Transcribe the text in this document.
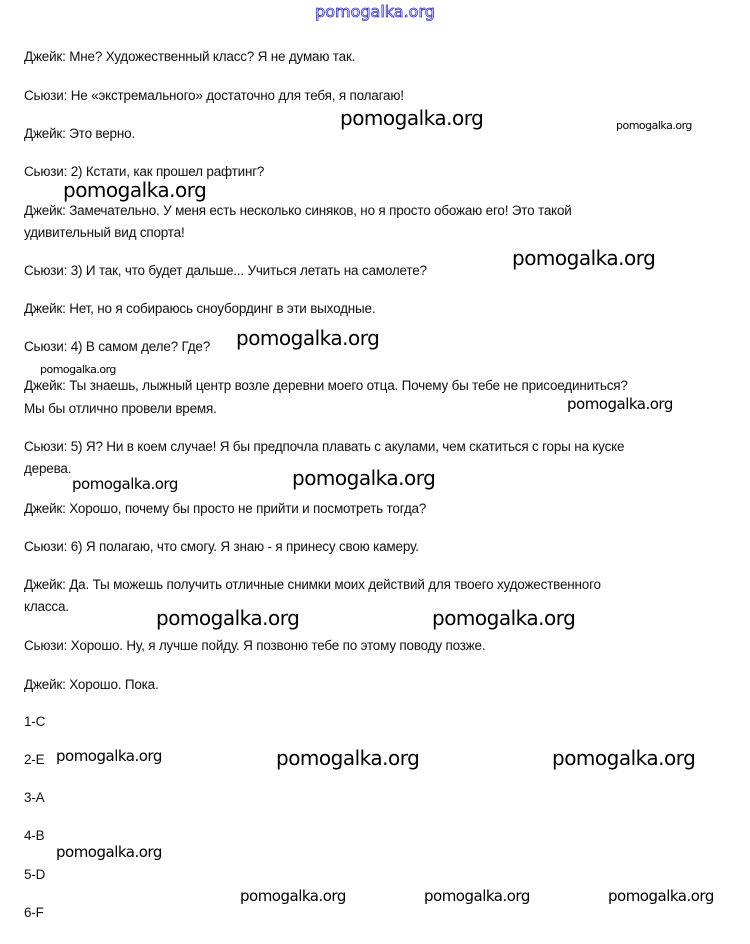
pomogalka.org
Джейк: Мне? Художественный класс? Я не думаю так.
Сьюзи: Не «экстремального» достаточно для тебя, я полагаю!
Джейк: Это верно.
Сьюзи: 2) Кстати, как прошел рафтинг?
Джейк: Замечательно. У меня есть несколько синяков, но я просто обожаю его! Это такой
удивительный вид спорта!
Сьюзи: 3) И так, что будет дальше... Учиться летать на самолете?
Джейк: Нет, но я собираюсь сноубординг в эти выходные.
Сьюзи: 4) В самом деле? Где?
Джейк: Ты знаешь, лыжный центр возле деревни моего отца. Почему бы тебе не присоединиться?
Мы бы отлично провели время.
Сьюзи: 5) Я? Ни в коем случае! Я бы предпочла плавать с акулами, чем скатиться с горы на куске
дерева.
Джейк: Хорошо, почему бы просто не прийти и посмотреть тогда?
Сьюзи: 6) Я полагаю, что смогу. Я знаю - я принесу свою камеру.
Джейк: Да. Ты можешь получить отличные снимки моих действий для твоего художественного
класса.
Сьюзи: Хорошо. Ну, я лучше пойду. Я позвоню тебе по этому поводу позже.
Джейк: Хорошо. Пока.
1-C
2-E
3-A
4-B
5-D
6-F
pomogalka.org	pomogalka.org
pomogalka.org
pomogalka.org
pomogalka.org
pomogalka.org
pomogalka.org
pomogalka.org	pomogalka.org
pomogalka.org	pomogalka.org
pomogalka.org	pomogalka.org	pomogalka.org
pomogalka.org
pomogalka.org	pomogalka.org	pomogalka.org
